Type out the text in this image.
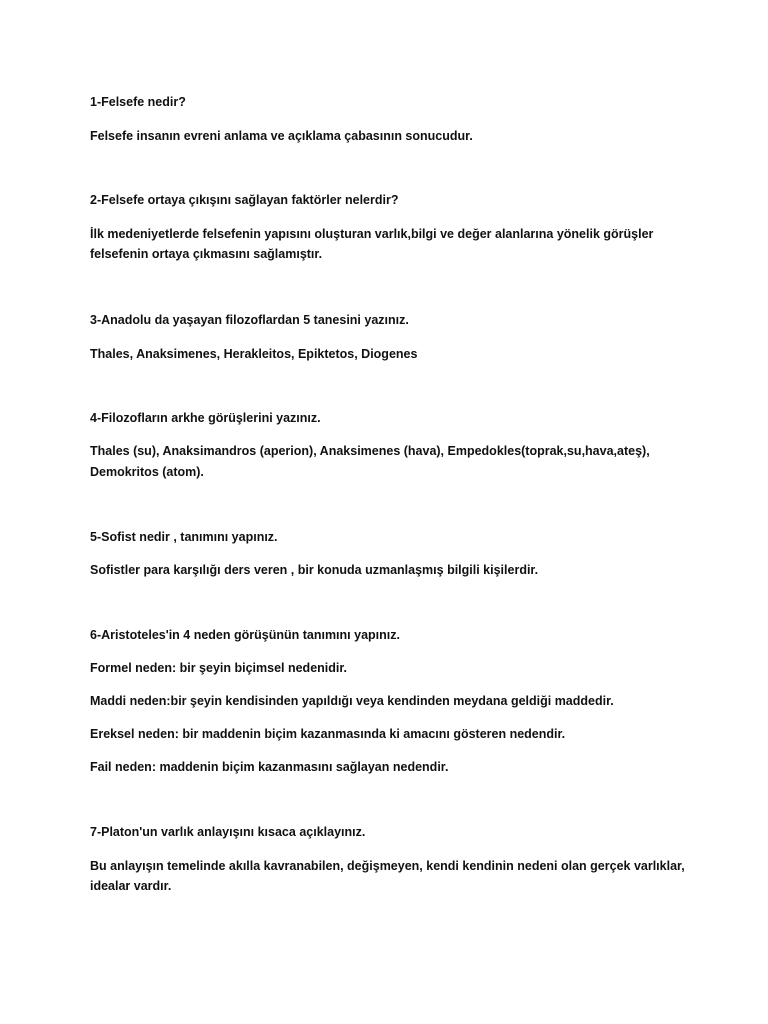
1-Felsefe nedir?
Felsefe insanın evreni anlama ve açıklama çabasının sonucudur.
2-Felsefe ortaya çıkışını sağlayan faktörler nelerdir?
İlk medeniyetlerde felsefenin yapısını oluşturan varlık,bilgi ve değer alanlarına yönelik görüşler
felsefenin ortaya çıkmasını sağlamıştır.
3-Anadolu da yaşayan filozoflardan 5 tanesini yazınız.
Thales, Anaksimenes, Herakleitos, Epiktetos, Diogenes
4-Filozofların arkhe görüşlerini yazınız.
Thales (su), Anaksimandros (aperion), Anaksimenes (hava), Empedokles(toprak,su,hava,ateş),
Demokritos (atom).
5-Sofist nedir , tanımını yapınız.
Sofistler para karşılığı ders veren , bir konuda uzmanlaşmış bilgili kişilerdir.
6-Aristoteles'in 4 neden görüşünün tanımını yapınız.
Formel neden: bir şeyin biçimsel nedenidir.
Maddi neden:bir şeyin kendisinden yapıldığı veya kendinden meydana geldiği maddedir.
Ereksel neden: bir maddenin biçim kazanmasında ki amacını gösteren nedendir.
Fail neden: maddenin biçim kazanmasını sağlayan nedendir.
7-Platon'un varlık anlayışını kısaca açıklayınız.
Bu anlayışın temelinde akılla kavranabilen, değişmeyen, kendi kendinin nedeni olan gerçek varlıklar,
idealar vardır.
